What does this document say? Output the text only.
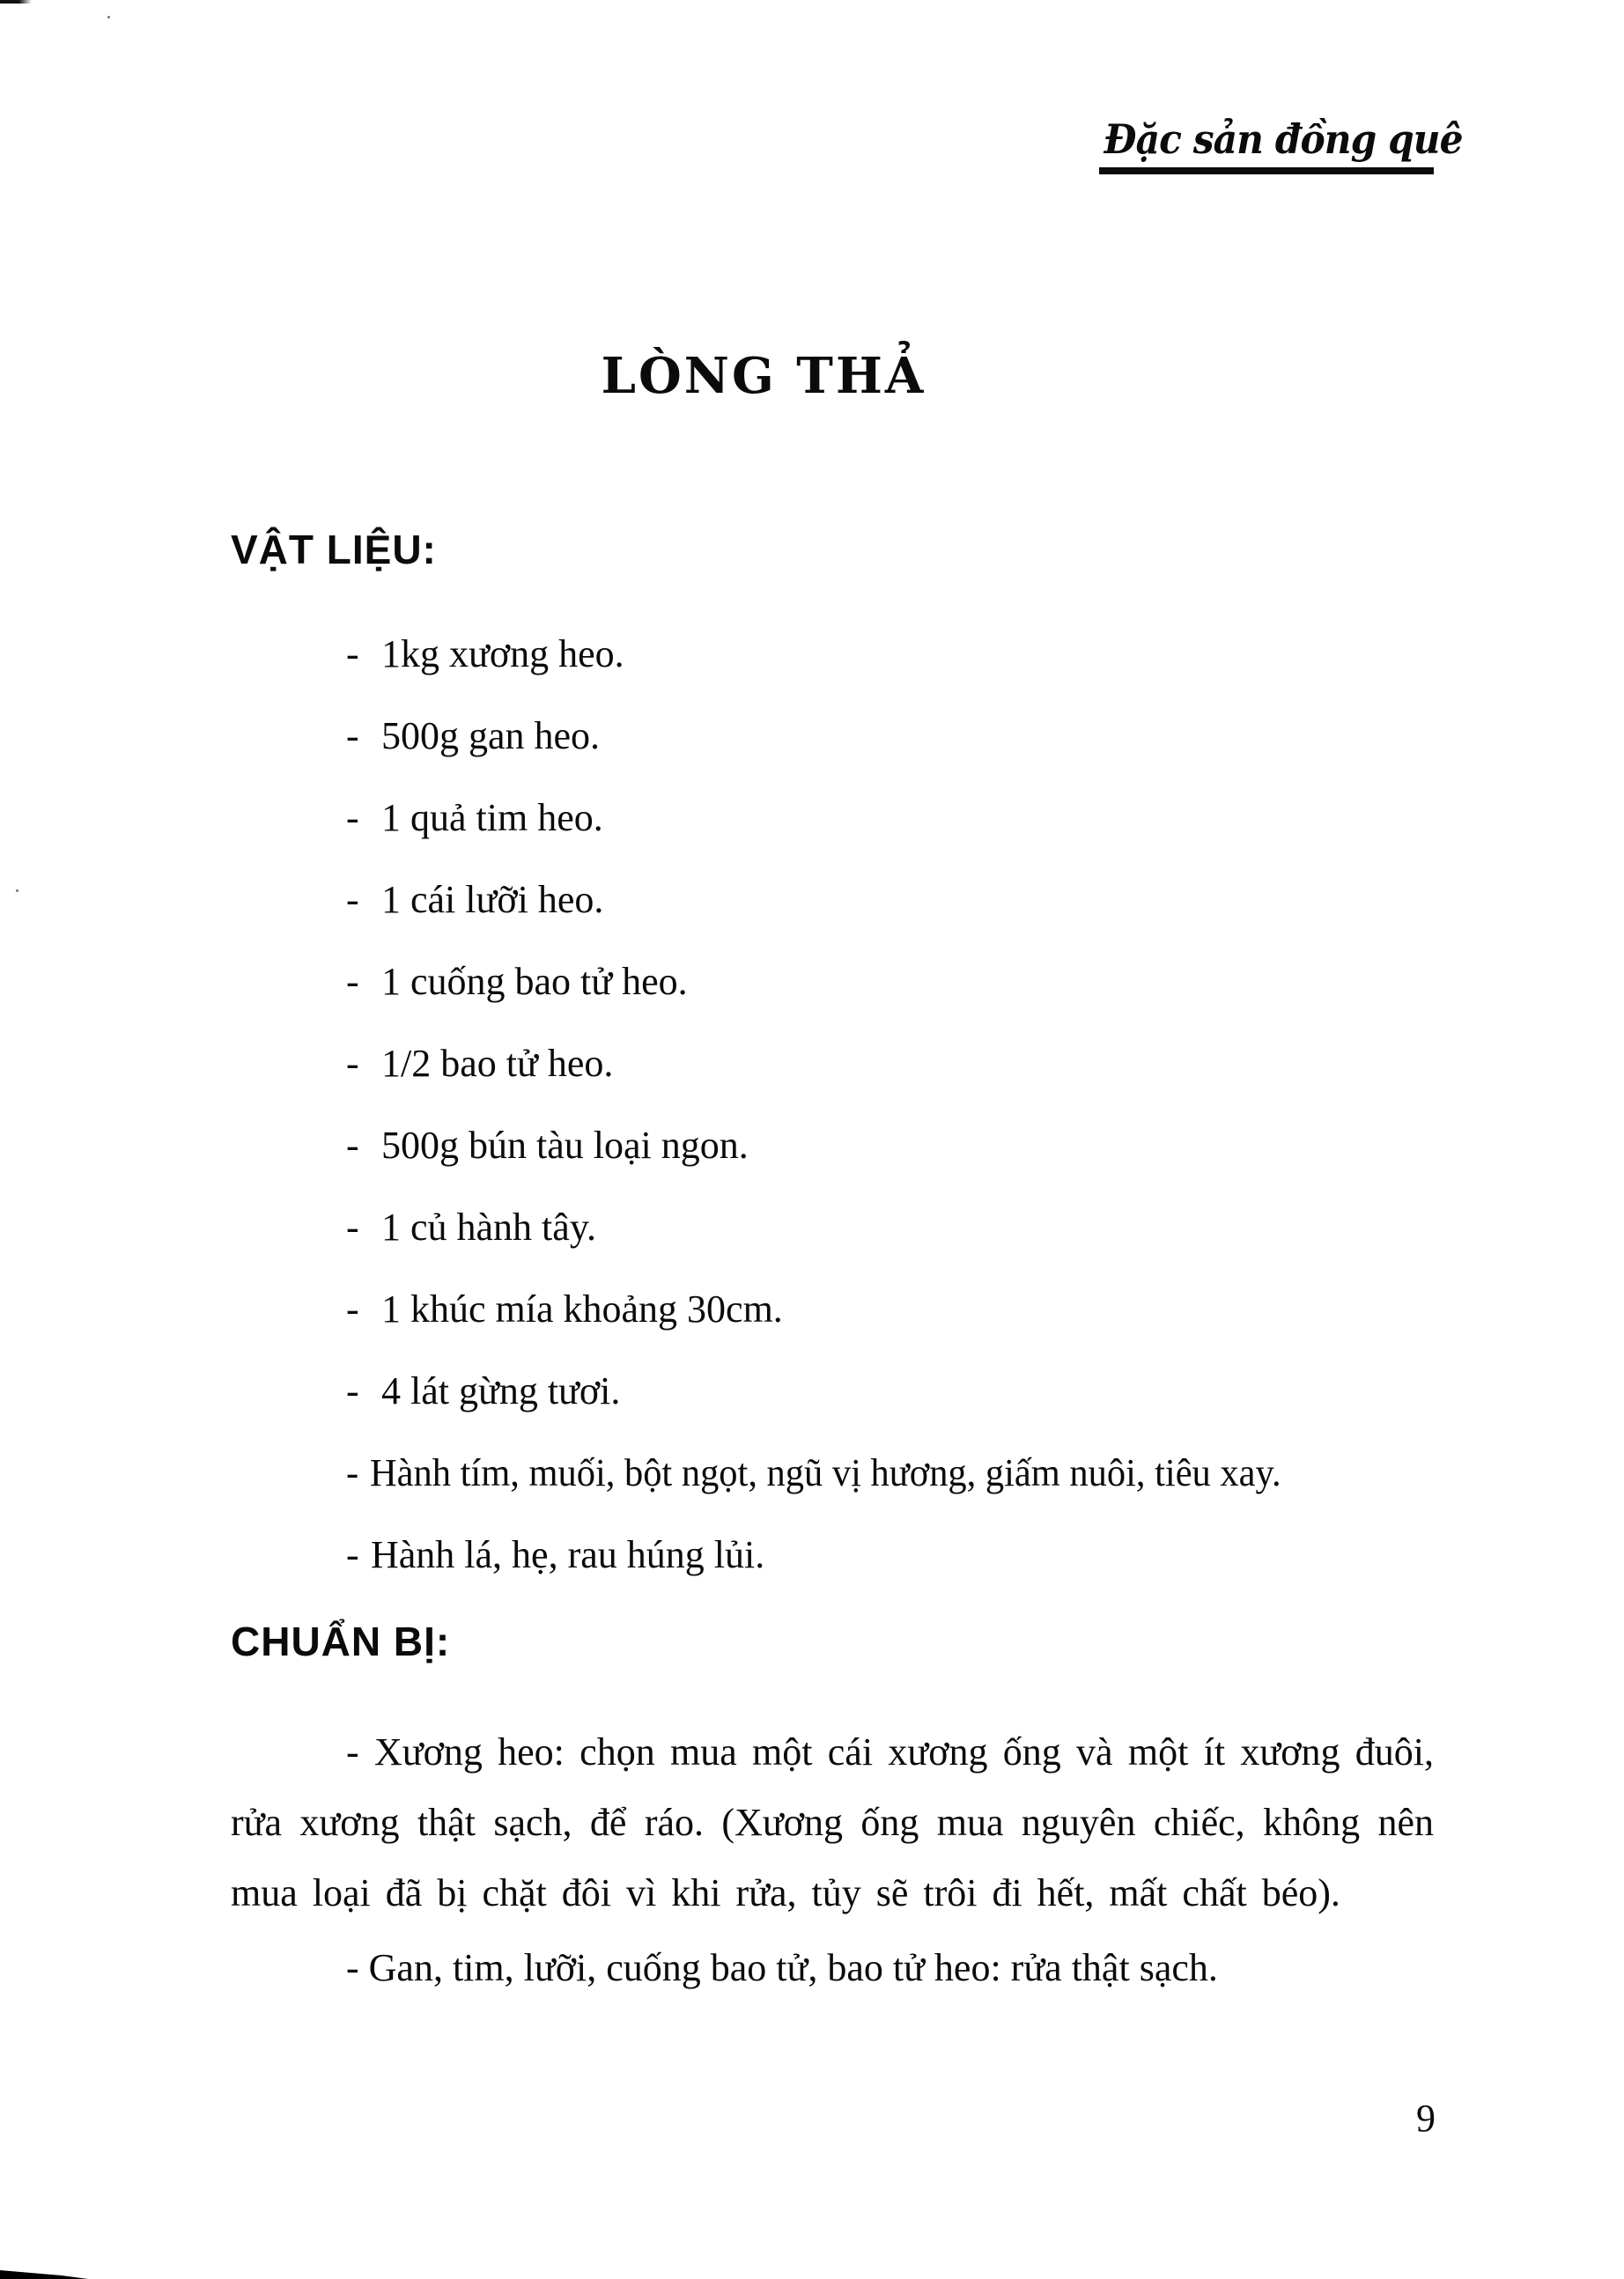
Đặc sản đồng quê
LÒNG THẢ
VẬT LIỆU:
- 1kg xương heo.
- 500g gan heo.
- 1 quả tim heo.
- 1 cái lưỡi heo.
- 1 cuống bao tử heo.
- 1/2 bao tử heo.
- 500g bún tàu loại ngon.
- 1 củ hành tây.
- 1 khúc mía khoảng 30cm.
- 4 lát gừng tươi.
- Hành tím, muối, bột ngọt, ngũ vị hương, giấm nuôi, tiêu xay.
- Hành lá, hẹ, rau húng lủi.
CHUẨN BỊ:

- Xương heo: chọn mua một cái xương ống và một ít xương đuôi, rửa xương thật sạch, để ráo. (Xương ống mua nguyên chiếc, không nên mua loại đã bị chặt đôi vì khi rửa, tủy sẽ trôi đi hết, mất chất béo).

- Gan, tim, lưỡi, cuống bao tử, bao tử heo: rửa thật sạch.

9
